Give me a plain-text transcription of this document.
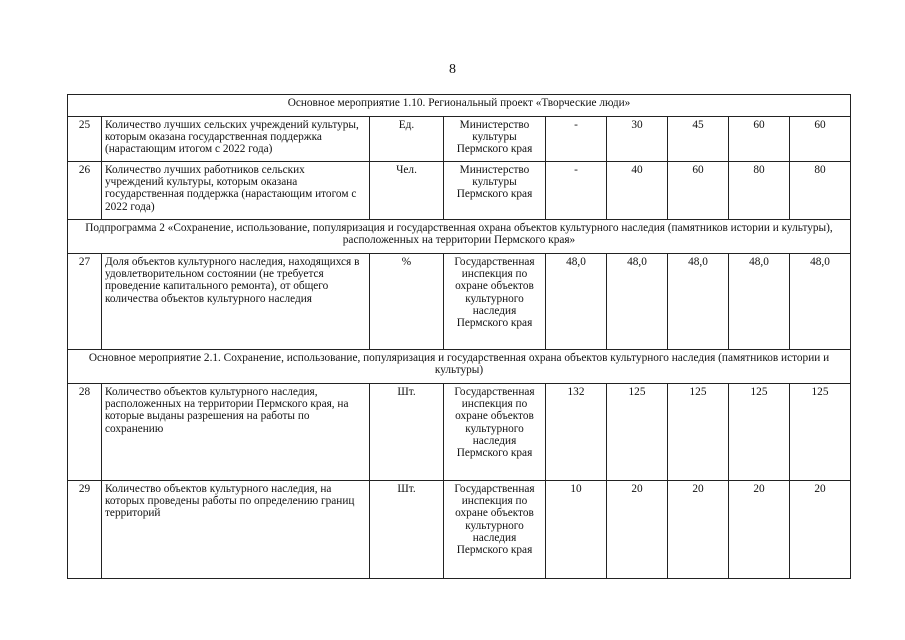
8
Основное мероприятие 1.10. Региональный проект «Творческие люди»								
25	Количество лучших сельских учреждений культуры, которым оказана государственная поддержка (нарастающим итогом с 2022 года)	Ед.	Министерство культуры Пермского края	-	30	45	60	60
26	Количество лучших работников сельских учреждений культуры, которым оказана государственная поддержка (нарастающим итогом с 2022 года)	Чел.	Министерство культуры Пермского края	-	40	60	80	80
Подпрограмма 2 «Сохранение, использование, популяризация и государственная охрана объектов культурного наследия (памятников истории и культуры), расположенных на территории Пермского края»								
27	Доля объектов культурного наследия, находящихся в удовлетворительном состоянии (не требуется проведение капитального ремонта), от общего количества объектов культурного наследия	%	Государственная инспекция по охране объектов культурного наследия Пермского края	48,0	48,0	48,0	48,0	48,0
Основное мероприятие 2.1. Сохранение, использование, популяризация и государственная охрана объектов культурного наследия (памятников истории и культуры)								
28	Количество объектов культурного наследия, расположенных на территории Пермского края, на которые выданы разрешения на работы по сохранению	Шт.	Государственная инспекция по охране объектов культурного наследия Пермского края	132	125	125	125	125
29	Количество объектов культурного наследия, на которых проведены работы по определению границ территорий	Шт.	Государственная инспекция по охране объектов культурного наследия Пермского края	10	20	20	20	20
